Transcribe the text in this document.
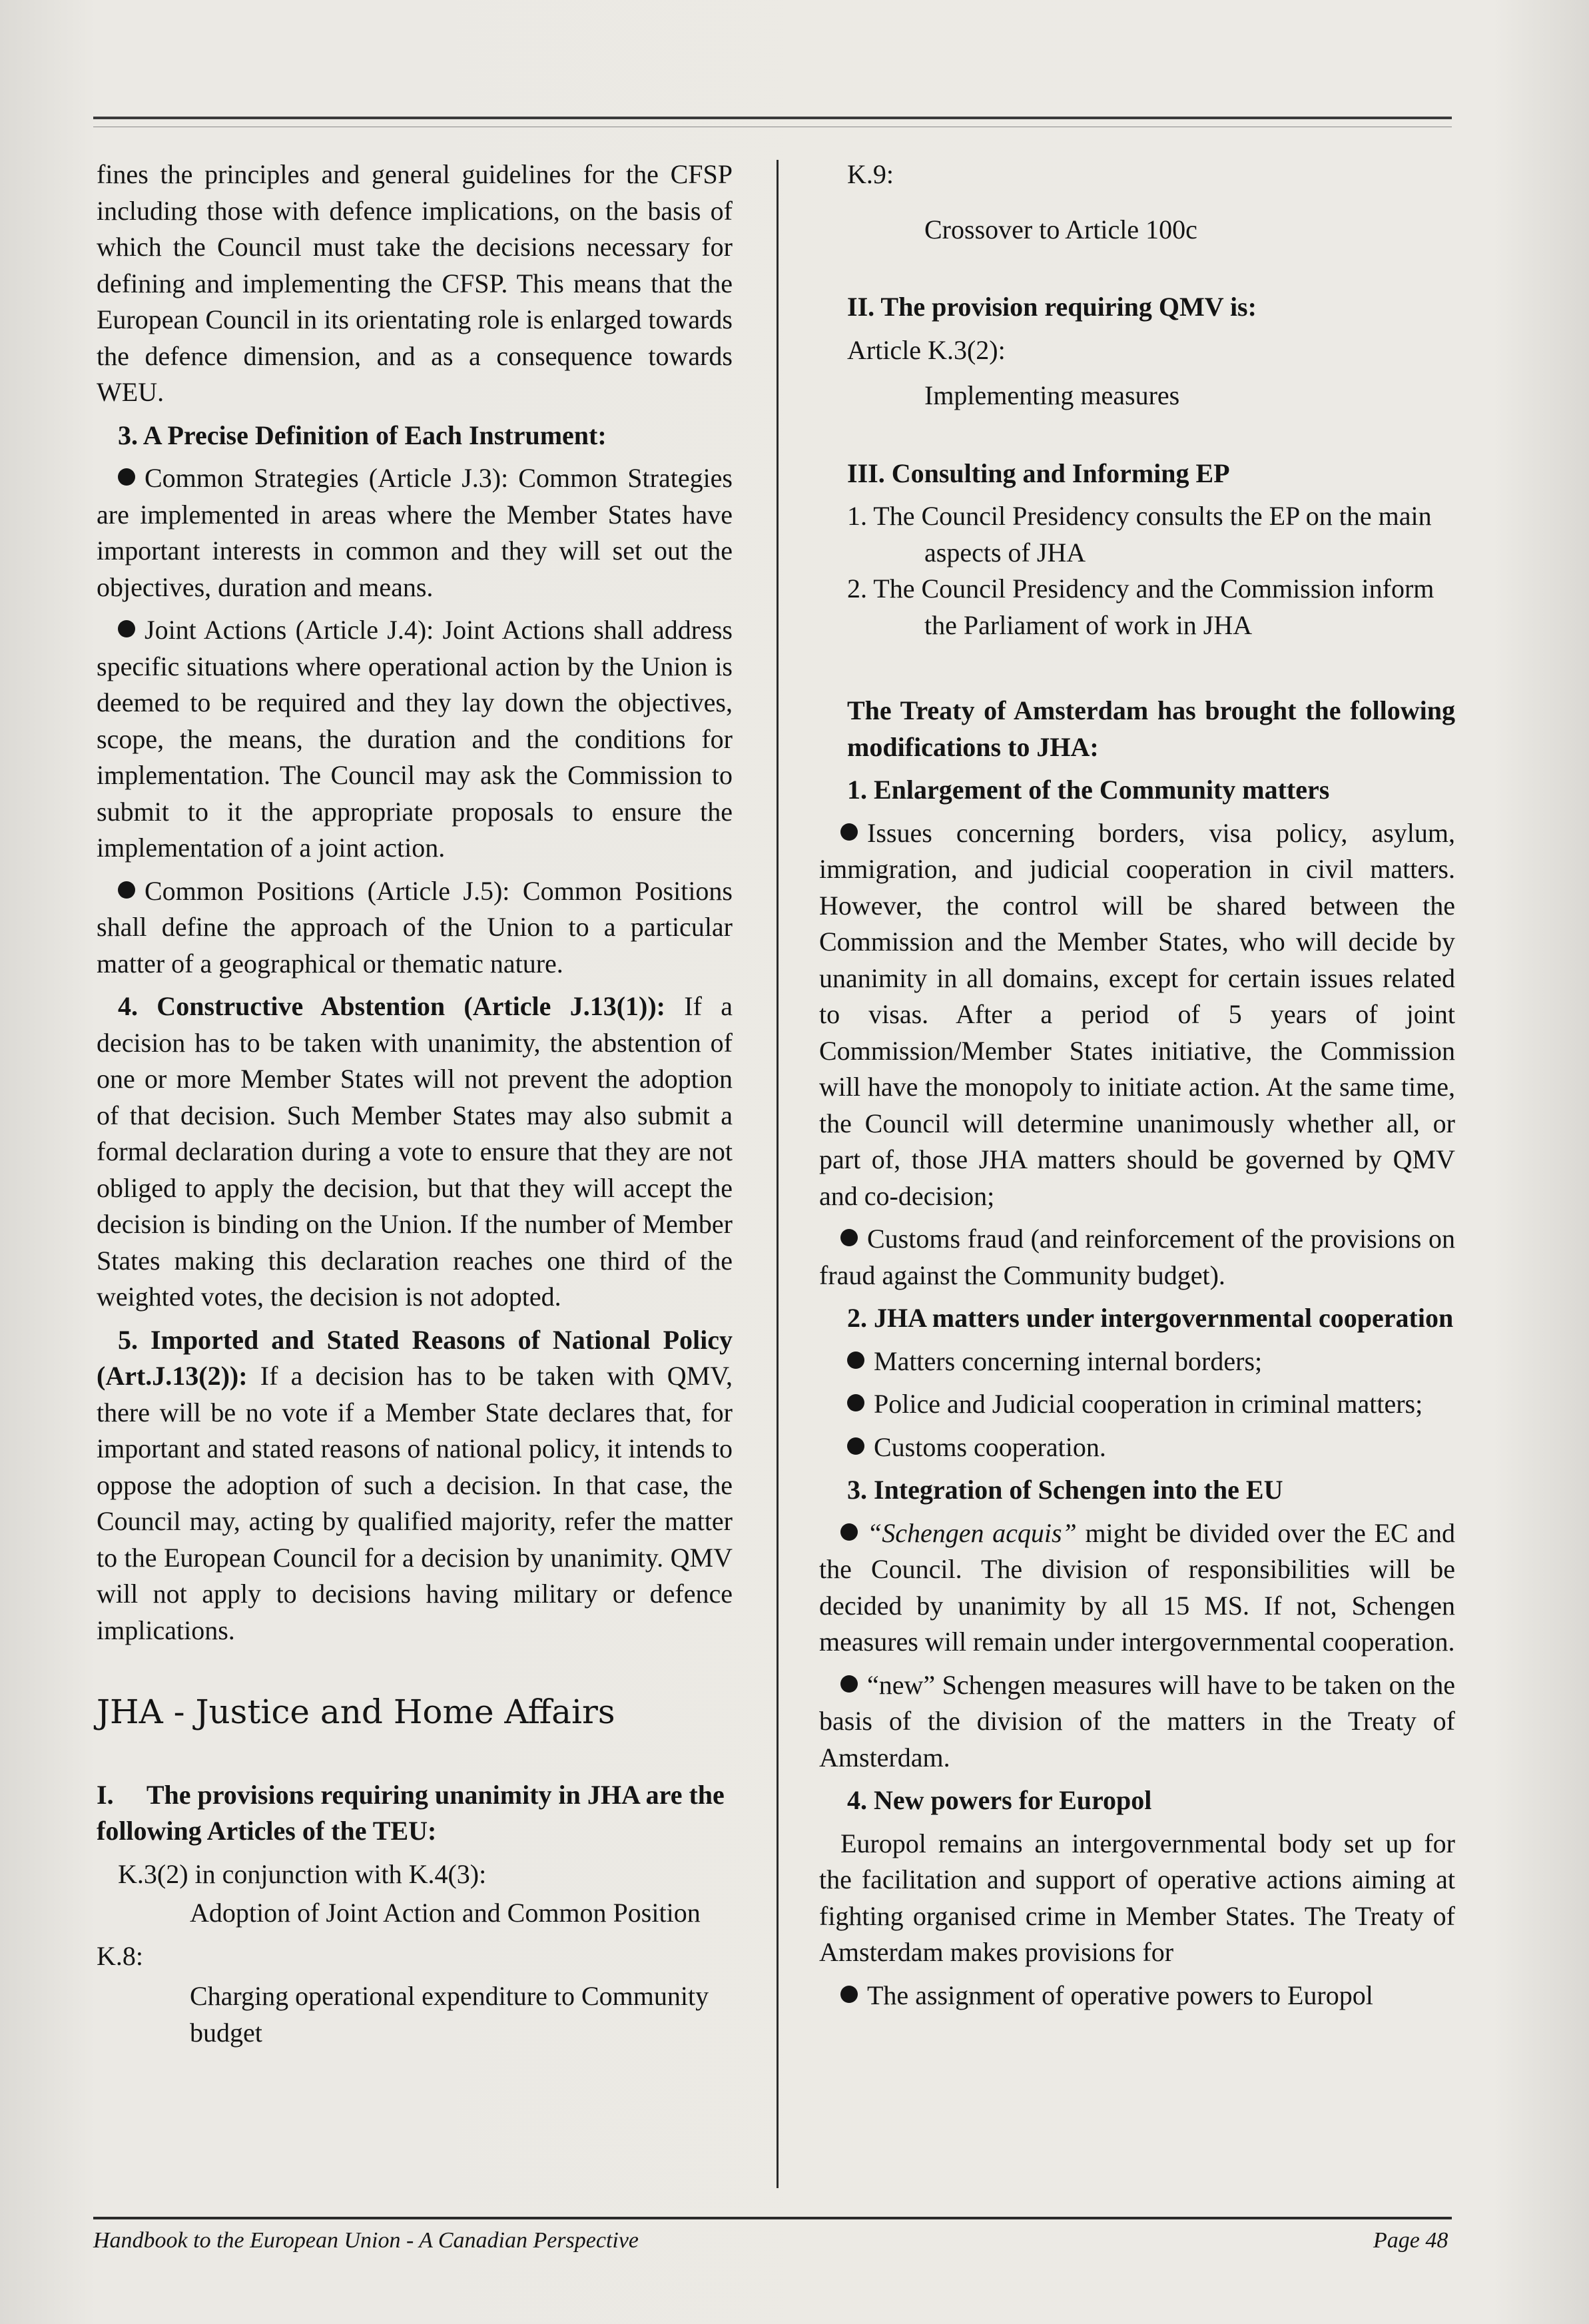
fines the principles and general guidelines for the CFSP including those with defence implications, on the basis of which the Council must take the decisions necessary for defining and implementing the CFSP. This means that the European Council in its orientating role is enlarged towards the defence dimension, and as a consequence towards WEU.

3. A Precise Definition of Each Instrument:

Common Strategies (Article J.3): Common Strategies are implemented in areas where the Member States have important interests in common and they will set out the objectives, duration and means.

Joint Actions (Article J.4): Joint Actions shall address specific situations where operational action by the Union is deemed to be required and they lay down the objectives, scope, the means, the duration and the conditions for implementation. The Council may ask the Commission to submit to it the appropriate proposals to ensure the implementation of a joint action.

Common Positions (Article J.5): Common Positions shall define the approach of the Union to a particular matter of a geographical or thematic nature.

4. Constructive Abstention (Article J.13(1)): If a decision has to be taken with unanimity, the abstention of one or more Member States will not prevent the adoption of that decision. Such Member States may also submit a formal declaration during a vote to ensure that they are not obliged to apply the decision, but that they will accept the decision is binding on the Union. If the number of Member States making this declaration reaches one third of the weighted votes, the decision is not adopted.

5. Imported and Stated Reasons of National Policy (Art.J.13(2)): If a decision has to be taken with QMV, there will be no vote if a Member State declares that, for important and stated reasons of national policy, it intends to oppose the adoption of such a decision. In that case, the Council may, acting by qualified majority, refer the matter to the European Council for a decision by unanimity. QMV will not apply to decisions having military or defence implications.

JHA - Justice and Home Affairs

I.     The provisions requiring unanimity in JHA are the following Articles of the TEU:

K.3(2) in conjunction with K.4(3):

Adoption of Joint Action and Common Position

K.8:

Charging operational expenditure to Community budget

K.9:

Crossover to Article 100c

II. The provision requiring QMV is:

Article K.3(2):

Implementing measures

III. Consulting and Informing EP

1. The Council Presidency consults the EP on the main aspects of JHA

2. The Council Presidency and the Commission inform the Parliament of work in JHA

The Treaty of Amsterdam has brought the following modifications to JHA:

1. Enlargement of the Community matters

Issues concerning borders, visa policy, asylum, immigration, and judicial cooperation in civil matters. However, the control will be shared between the Commission and the Member States, who will decide by unanimity in all domains, except for certain issues related to visas. After a period of 5 years of joint Commission/Member States initiative, the Commission will have the monopoly to initiate action. At the same time, the Council will determine unanimously whether all, or part of, those JHA matters should be governed by QMV and co-decision;

Customs fraud (and reinforcement of the provisions on fraud against the Community budget).

2. JHA matters under intergovernmental cooperation

Matters concerning internal borders;

Police and Judicial cooperation in criminal matters;

Customs cooperation.

3. Integration of Schengen into the EU

“Schengen acquis” might be divided over the EC and the Council. The division of responsibilities will be decided by unanimity by all 15 MS. If not, Schengen measures will remain under intergovernmental cooperation.

“new” Schengen measures will have to be taken on the basis of the division of the matters in the Treaty of Amsterdam.

4. New powers for Europol

Europol remains an intergovernmental body set up for the facilitation and support of operative actions aiming at fighting organised crime in Member States. The Treaty of Amsterdam makes provisions for

The assignment of operative powers to Europol

Handbook to the European Union - A Canadian Perspective	Page 48
